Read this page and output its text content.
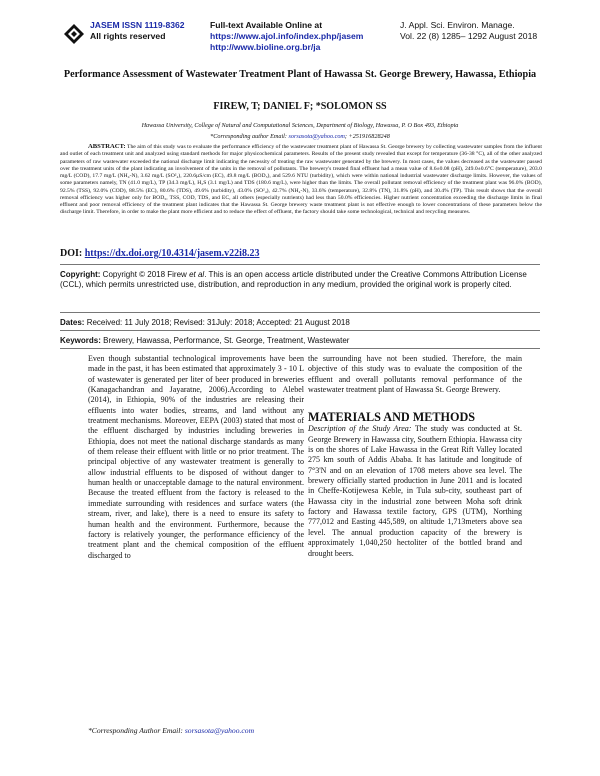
JASEM ISSN 1119-8362
All rights reserved
Full-text Available Online at
https://www.ajol.info/index.php/jasem
http://www.bioline.org.br/ja
J. Appl. Sci. Environ. Manage.
Vol. 22 (8) 1285– 1292 August 2018
Performance Assessment of Wastewater Treatment Plant of Hawassa St. George Brewery, Hawassa, Ethiopia
FIREW, T; DANIEL F; *SOLOMON SS
Hawassa University, College of Natural and Computational Sciences, Department of Biology, Hawassa, P. O Box 493, Ethiopia
*Corresponding author Email: sorsasota@yahoo.com; +251916828248
ABSTRACT: The aim of this study was to evaluate the performance efficiency of the wastewater treatment plant of Hawassa St. George brewery by collecting wastewater samples from the influent and outlet of each treatment unit and analyzed using standard methods for major physicochemical parameters. Results of the present study revealed that except for temperature (36-38 °C), all of the other analyzed parameters of raw wastewater exceeded the national discharge limit indicating the necessity of treating the raw wastewater generated by the brewery. In most cases, the values decreased as the wastewater passed over the treatment units of the plant indicating an involvement of the units in the removal of pollutants. The brewery's treated final effluent had a mean value of 8.6±0.08 (pH), 249.0±0.6°C (temperature), 203.0 mg/L (COD), 17.7 mg/L (NH₄-N), 3.62 mg/L (SO²₄), 220.6µS/cm (EC), 49.8 mg/L (BOD₅), and 529.6 NTU (turbidity), which were within national industrial wastewater discharge limits. However, the values of some parameters namely, TN (41.0 mg/L), TP (34.3 mg/L), H₂S (3.1 mg/L) and TDS (180.6 mg/L), were higher than the limits. The overall pollutant removal efficiency of the treatment plant was 96.0% (BOD), 92.5% (TSS), 92.0% (COD), 88.5% (EC), 80.6% (TDS), 49.6% (turbidity), 43.0% (SO²₄), 42.7% (NH₄-N), 33.6% (temperature), 32.8% (TN), 31.8% (pH), and 30.4% (TP). This result shows that the overall removal efficiency was higher only for BOD₅, TSS, COD, TDS, and EC, all others (especially nutrients) had less than 50.0% efficiencies. Higher nutrient concentration exceeding the discharge limits in final effluent and poor removal efficiency of the treatment plant indicates that the Hawassa St. George brewery waste treatment plant is not effective enough to lower concentrations of these parameters below the discharge limit. Therefore, in order to make the plant more efficient and to reduce the effect of effluent, the factory should take some technological, technical and recycling measures.
DOI: https://dx.doi.org/10.4314/jasem.v22i8.23
Copyright: Copyright © 2018 Firew et al. This is an open access article distributed under the Creative Commons Attribution License (CCL), which permits unrestricted use, distribution, and reproduction in any medium, provided the original work is properly cited.
Dates: Received: 11 July 2018; Revised: 31July: 2018; Accepted: 21 August 2018
Keywords: Brewery, Hawassa, Performance, St. George, Treatment, Wastewater

Even though substantial technological improvements have been made in the past, it has been estimated that approximately 3 - 10 L of wastewater is generated per liter of beer produced in breweries (Kanagachandran and Jayaratne, 2006).According to Alebel (2014), in Ethiopia, 90% of the industries are releasing their effluents into water bodies, streams, and land without any treatment mechanisms. Moreover, EEPA (2003) stated that most of the effluent discharged by industries including breweries in Ethiopia, does not meet the national discharge standards as many of them release their effluent with little or no prior treatment. The principal objective of any wastewater treatment is generally to allow industrial effluents to be disposed of without danger to human health or unacceptable damage to the natural environment. Because the treated effluent from the factory is released to the immediate surrounding with residences and surface waters (the stream, river, and lake), there is a need to ensure its safety to human health and the environment. Furthermore, because the factory is relatively younger, the performance efficiency of the treatment plant and the chemical composition of the effluent discharged to

the surrounding have not been studied. Therefore, the main objective of this study was to evaluate the composition of the effluent and overall pollutants removal performance of the wastewater treatment plant of Hawassa St. George Brewery.

MATERIALS AND METHODS

Description of the Study Area: The study was conducted at St. George Brewery in Hawassa city, Southern Ethiopia. Hawassa city is on the shores of Lake Hawassa in the Great Rift Valley located 275 km south of Addis Ababa. It has latitude and longitude of 7°3'N and on an elevation of 1708 meters above sea level. The brewery officially started production in June 2011 and is located in Cheffe-Kotijewesa Keble, in Tula sub-city, southeast part of Hawassa city in the industrial zone between Moha soft drink factory and Hawassa textile factory, GPS (UTM), Northing 777,012 and Easting 445,589, on altitude 1,713meters above sea level. The annual production capacity of the brewery is approximately 1,040,250 hectoliter of the bottled brand and drought beers.

*Corresponding Author Email: sorsasota@yahoo.com
